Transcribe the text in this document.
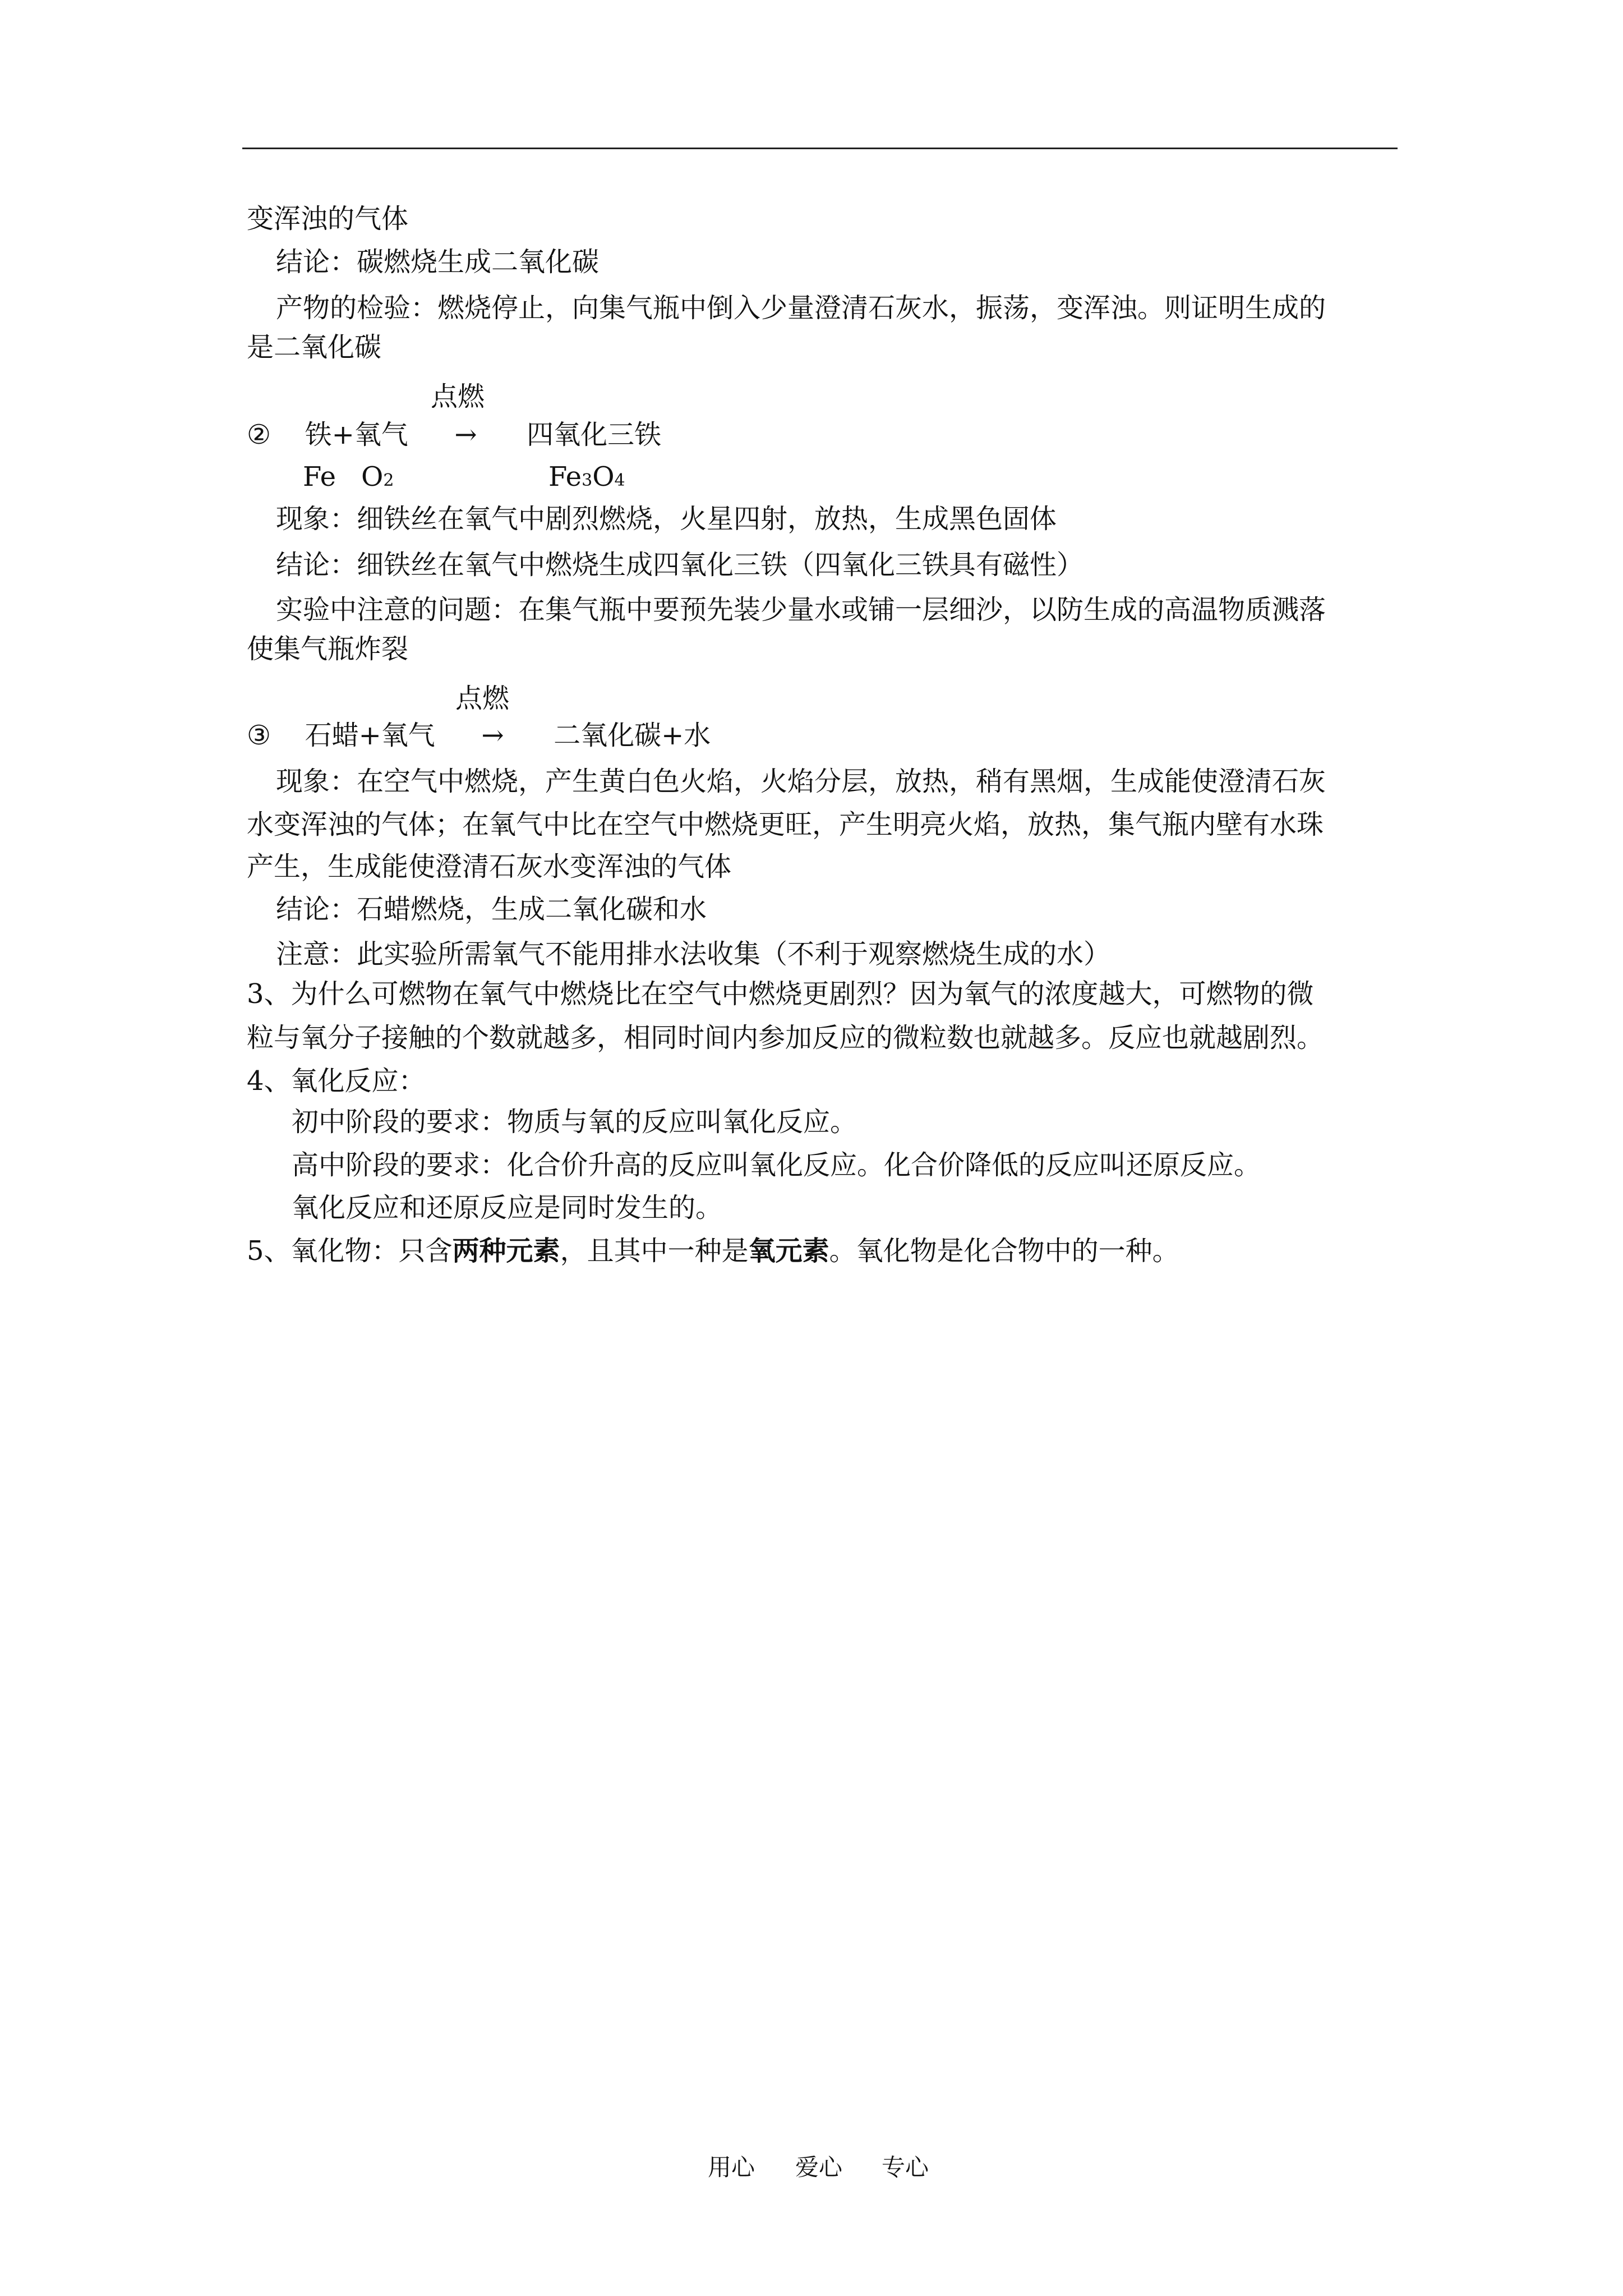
变浑浊的气体
结论：碳燃烧生成二氧化碳
产物的检验：燃烧停止，向集气瓶中倒入少量澄清石灰水，振荡，变浑浊。则证明生成的
是二氧化碳
点燃
② 铁+氧气 → 四氧化三铁
Fe O2	Fe3O4
现象：细铁丝在氧气中剧烈燃烧，火星四射，放热，生成黑色固体
结论：细铁丝在氧气中燃烧生成四氧化三铁（四氧化三铁具有磁性）
实验中注意的问题：在集气瓶中要预先装少量水或铺一层细沙，以防生成的高温物质溅落
使集气瓶炸裂
点燃
③ 石蜡+氧气 → 二氧化碳+水
现象：在空气中燃烧，产生黄白色火焰，火焰分层，放热，稍有黑烟，生成能使澄清石灰
水变浑浊的气体；在氧气中比在空气中燃烧更旺，产生明亮火焰，放热，集气瓶内壁有水珠
产生，生成能使澄清石灰水变浑浊的气体
结论：石蜡燃烧，生成二氧化碳和水
注意：此实验所需氧气不能用排水法收集（不利于观察燃烧生成的水）
3、为什么可燃物在氧气中燃烧比在空气中燃烧更剧烈？因为氧气的浓度越大，可燃物的微
粒与氧分子接触的个数就越多，相同时间内参加反应的微粒数也就越多。反应也就越剧烈。
4、氧化反应：
初中阶段的要求：物质与氧的反应叫氧化反应。
高中阶段的要求：化合价升高的反应叫氧化反应。化合价降低的反应叫还原反应。
氧化反应和还原反应是同时发生的。
5、氧化物：只含两种元素，且其中一种是氧元素。氧化物是化合物中的一种。
用心 爱心 专心
